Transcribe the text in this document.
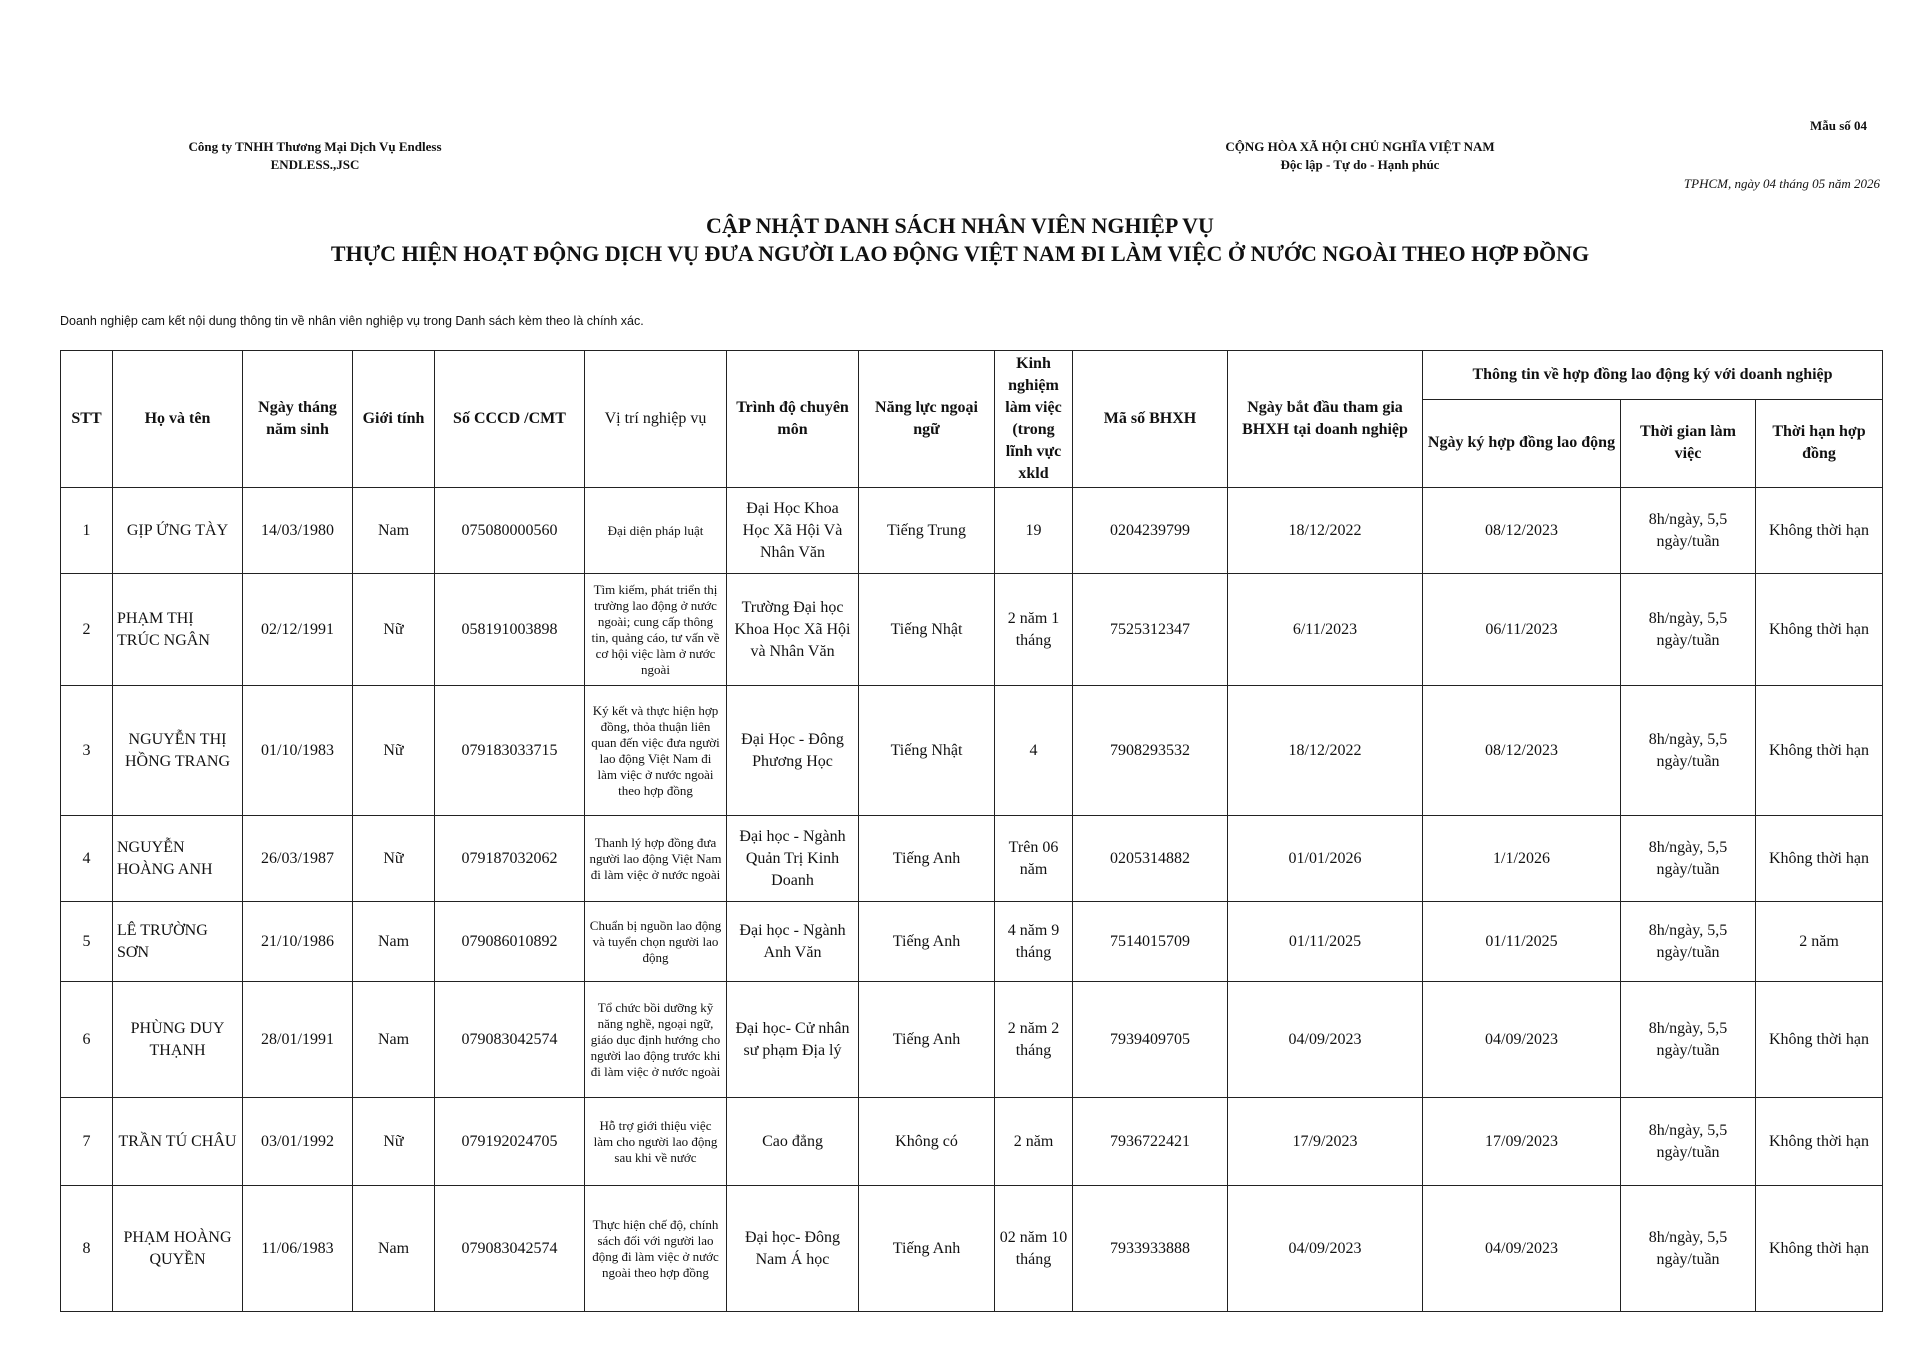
Công ty TNHH Thương Mại Dịch Vụ Endless
ENDLESS.,JSC
CỘNG HÒA XÃ HỘI CHỦ NGHĨA VIỆT NAM
Độc lập - Tự do - Hạnh phúc
Mẫu số 04
TPHCM, ngày 04 tháng 05 năm 2026
CẬP NHẬT DANH SÁCH NHÂN VIÊN NGHIỆP VỤ
THỰC HIỆN HOẠT ĐỘNG DỊCH VỤ ĐƯA NGƯỜI LAO ĐỘNG VIỆT NAM ĐI LÀM VIỆC Ở NƯỚC NGOÀI THEO HỢP ĐỒNG
Doanh nghiệp cam kết nội dung thông tin về nhân viên nghiệp vụ trong Danh sách kèm theo là chính xác.
STT	Họ và tên	Ngày tháng năm sinh	Giới tính	Số CCCD /CMT	Vị trí nghiệp vụ	Trình độ chuyên môn	Năng lực ngoại ngữ	Kinh nghiệm làm việc (trong lĩnh vực xkld	Mã số BHXH	Ngày bắt đầu tham gia BHXH tại doanh nghiệp	Thông tin về hợp đồng lao động ký với doanh nghiệp		
											Ngày ký hợp đồng lao động	Thời gian làm việc	Thời hạn hợp đồng
1	GỊP ỨNG TÀY	14/03/1980	Nam	075080000560	Đại diện pháp luật	Đại Học Khoa Học Xã Hội Và Nhân Văn	Tiếng Trung	19	0204239799	18/12/2022	08/12/2023	8h/ngày, 5,5 ngày/tuần	Không thời hạn
2	PHẠM THỊ TRÚC NGÂN	02/12/1991	Nữ	058191003898	Tìm kiếm, phát triển thị trường lao động ở nước ngoài; cung cấp thông tin, quảng cáo, tư vấn về cơ hội việc làm ở nước ngoài	Trường Đại học Khoa Học Xã Hội và Nhân Văn	Tiếng Nhật	2 năm 1 tháng	7525312347	6/11/2023	06/11/2023	8h/ngày, 5,5 ngày/tuần	Không thời hạn
3	NGUYỄN THỊ HỒNG TRANG	01/10/1983	Nữ	079183033715	Ký kết và thực hiện hợp đồng, thỏa thuận liên quan đến việc đưa người lao động Việt Nam đi làm việc ở nước ngoài theo hợp đồng	Đại Học - Đông Phương Học	Tiếng Nhật	4	7908293532	18/12/2022	08/12/2023	8h/ngày, 5,5 ngày/tuần	Không thời hạn
4	NGUYỄN HOÀNG ANH	26/03/1987	Nữ	079187032062	Thanh lý hợp đồng đưa người lao động Việt Nam đi làm việc ở nước ngoài	Đại học - Ngành Quản Trị Kinh Doanh	Tiếng Anh	Trên 06 năm	0205314882	01/01/2026	1/1/2026	8h/ngày, 5,5 ngày/tuần	Không thời hạn
5	LÊ TRƯỜNG SƠN	21/10/1986	Nam	079086010892	Chuẩn bị nguồn lao động và tuyển chọn người lao động	Đại học - Ngành Anh Văn	Tiếng Anh	4 năm 9 tháng	7514015709	01/11/2025	01/11/2025	8h/ngày, 5,5 ngày/tuần	2 năm
6	PHÙNG DUY THẠNH	28/01/1991	Nam	079083042574	Tổ chức bồi dưỡng kỹ năng nghề, ngoại ngữ, giáo dục định hướng cho người lao động trước khi đi làm việc ở nước ngoài	Đại học- Cử nhân sư phạm Địa lý	Tiếng Anh	2 năm 2 tháng	7939409705	04/09/2023	04/09/2023	8h/ngày, 5,5 ngày/tuần	Không thời hạn
7	TRẦN TÚ CHÂU	03/01/1992	Nữ	079192024705	Hỗ trợ giới thiệu việc làm cho người lao động sau khi về nước	Cao đẳng	Không có	2 năm	7936722421	17/9/2023	17/09/2023	8h/ngày, 5,5 ngày/tuần	Không thời hạn
8	PHẠM HOÀNG QUYỀN	11/06/1983	Nam	079083042574	Thực hiện chế độ, chính sách đối với người lao động đi làm việc ở nước ngoài theo hợp đồng	Đại học- Đông Nam Á học	Tiếng Anh	02 năm 10 tháng	7933933888	04/09/2023	04/09/2023	8h/ngày, 5,5 ngày/tuần	Không thời hạn
